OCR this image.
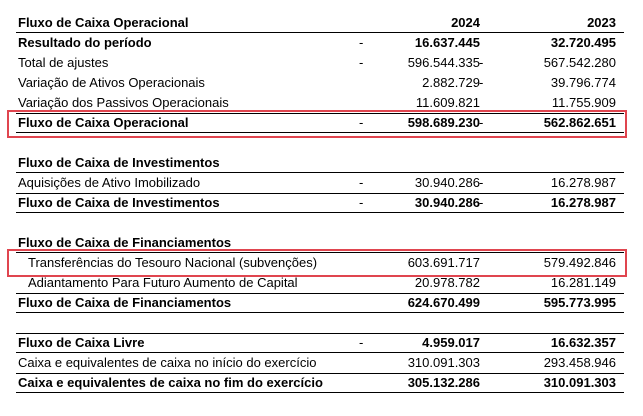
Fluxo de Caixa Operacional	2024	2023
Resultado do período	-	16.637.445	32.720.495
Total de ajustes	-	596.544.335 -	567.542.280
Variação de Ativos Operacionais	2.882.729 -	39.796.774
Variação dos Passivos Operacionais	11.609.821	11.755.909
Fluxo de Caixa Operacional	-	598.689.230 -	562.862.651
Fluxo de Caixa de Investimentos
Aquisições de Ativo Imobilizado	-	30.940.286 -	16.278.987
Fluxo de Caixa de Investimentos	-	30.940.286 -	16.278.987
Fluxo de Caixa de Financiamentos
Transferências do Tesouro Nacional (subvenções)	603.691.717	579.492.846
Adiantamento Para Futuro Aumento de Capital	20.978.782	16.281.149
Fluxo de Caixa de Financiamentos	624.670.499	595.773.995
Fluxo de Caixa Livre	-	4.959.017	16.632.357
Caixa e equivalentes de caixa no início do exercício	310.091.303	293.458.946
Caixa e equivalentes de caixa no fim do exercício	305.132.286	310.091.303
